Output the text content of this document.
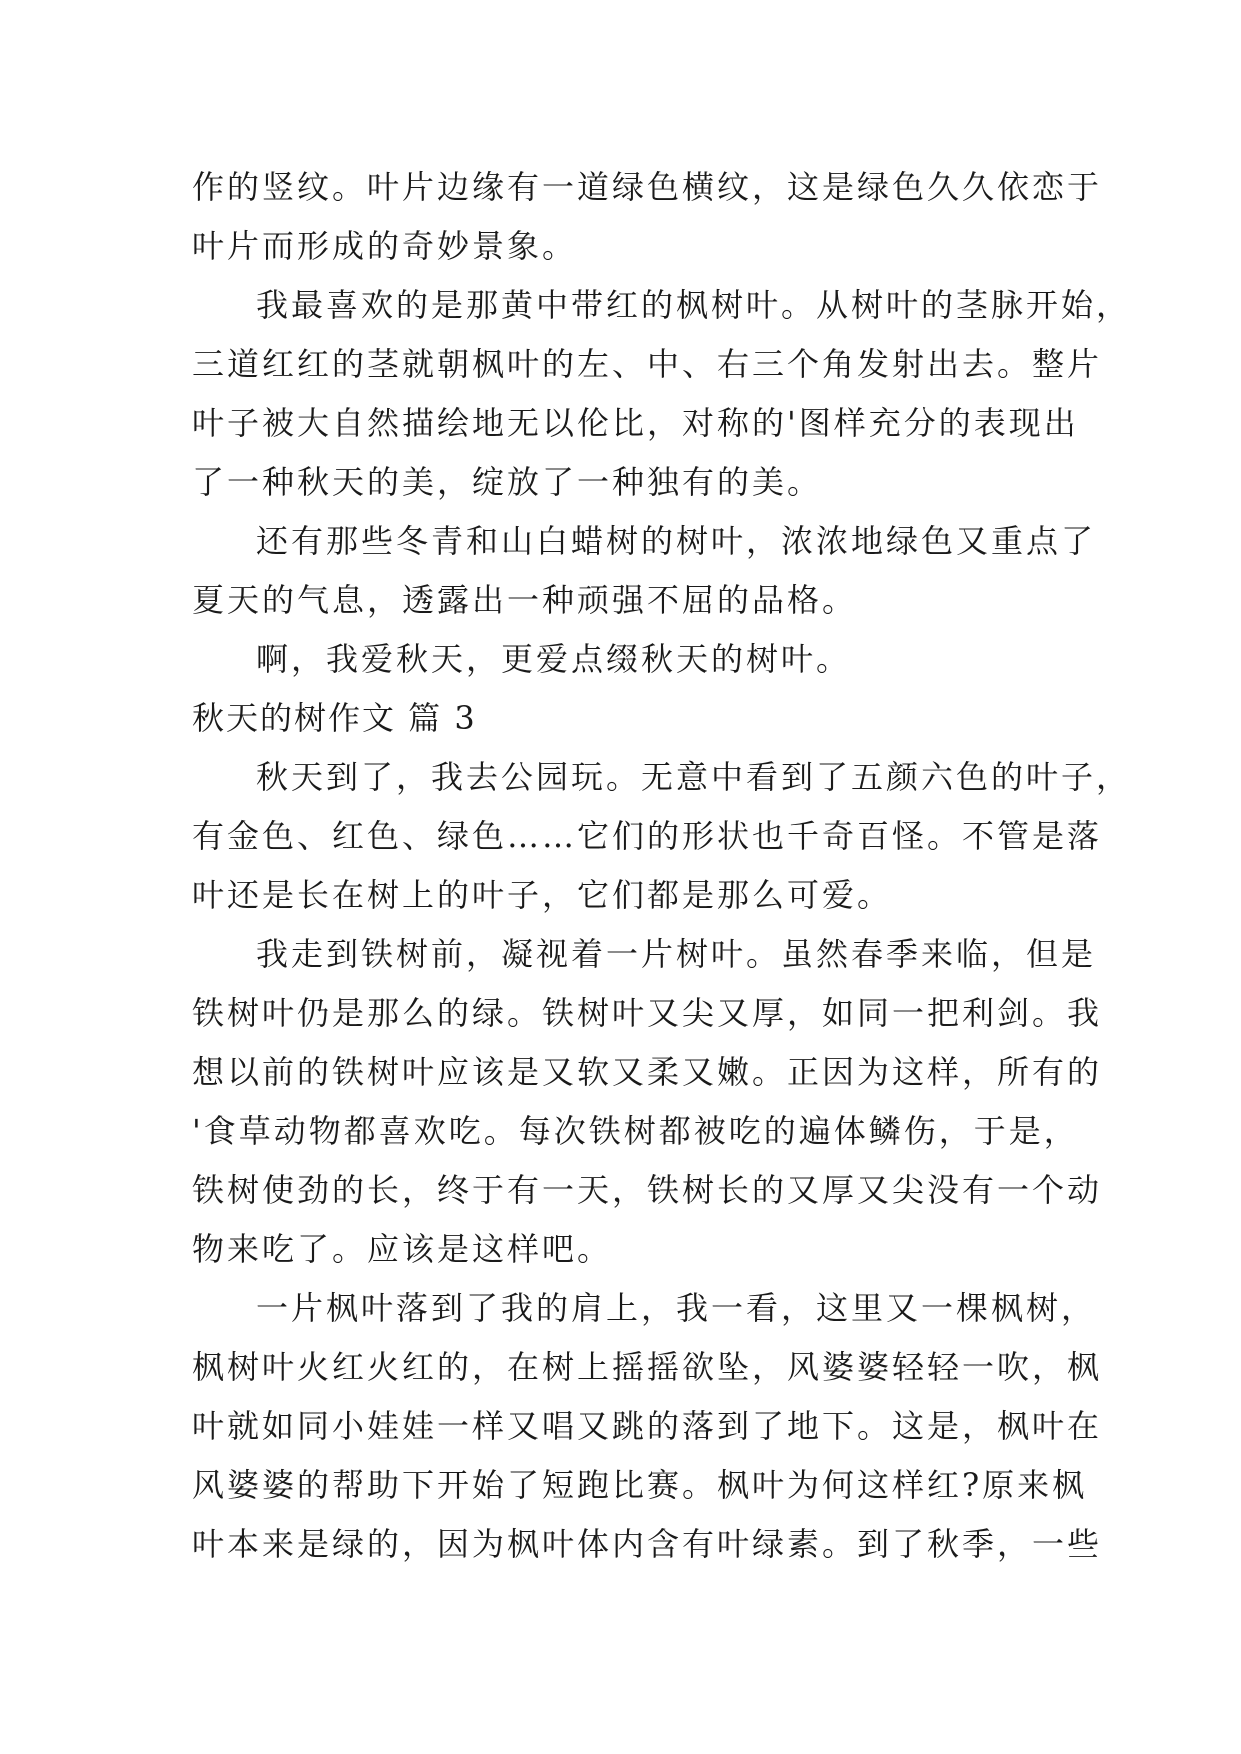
作的竖纹。叶片边缘有一道绿色横纹，这是绿色久久依恋于
叶片而形成的奇妙景象。
我最喜欢的是那黄中带红的枫树叶。从树叶的茎脉开始，
三道红红的茎就朝枫叶的左、中、右三个角发射出去。整片
叶子被大自然描绘地无以伦比，对称的'图样充分的表现出
了一种秋天的美，绽放了一种独有的美。
还有那些冬青和山白蜡树的树叶，浓浓地绿色又重点了
夏天的气息，透露出一种顽强不屈的品格。
啊，我爱秋天，更爱点缀秋天的树叶。
秋天的树作文 篇 3
秋天到了，我去公园玩。无意中看到了五颜六色的叶子，
有金色、红色、绿色……它们的形状也千奇百怪。不管是落
叶还是长在树上的叶子，它们都是那么可爱。
我走到铁树前，凝视着一片树叶。虽然春季来临，但是
铁树叶仍是那么的绿。铁树叶又尖又厚，如同一把利剑。我
想以前的铁树叶应该是又软又柔又嫩。正因为这样，所有的
'食草动物都喜欢吃。每次铁树都被吃的遍体鳞伤，于是，
铁树使劲的长，终于有一天，铁树长的又厚又尖没有一个动
物来吃了。应该是这样吧。
一片枫叶落到了我的肩上，我一看，这里又一棵枫树，
枫树叶火红火红的，在树上摇摇欲坠，风婆婆轻轻一吹，枫
叶就如同小娃娃一样又唱又跳的落到了地下。这是，枫叶在
风婆婆的帮助下开始了短跑比赛。枫叶为何这样红?原来枫
叶本来是绿的，因为枫叶体内含有叶绿素。到了秋季，一些
